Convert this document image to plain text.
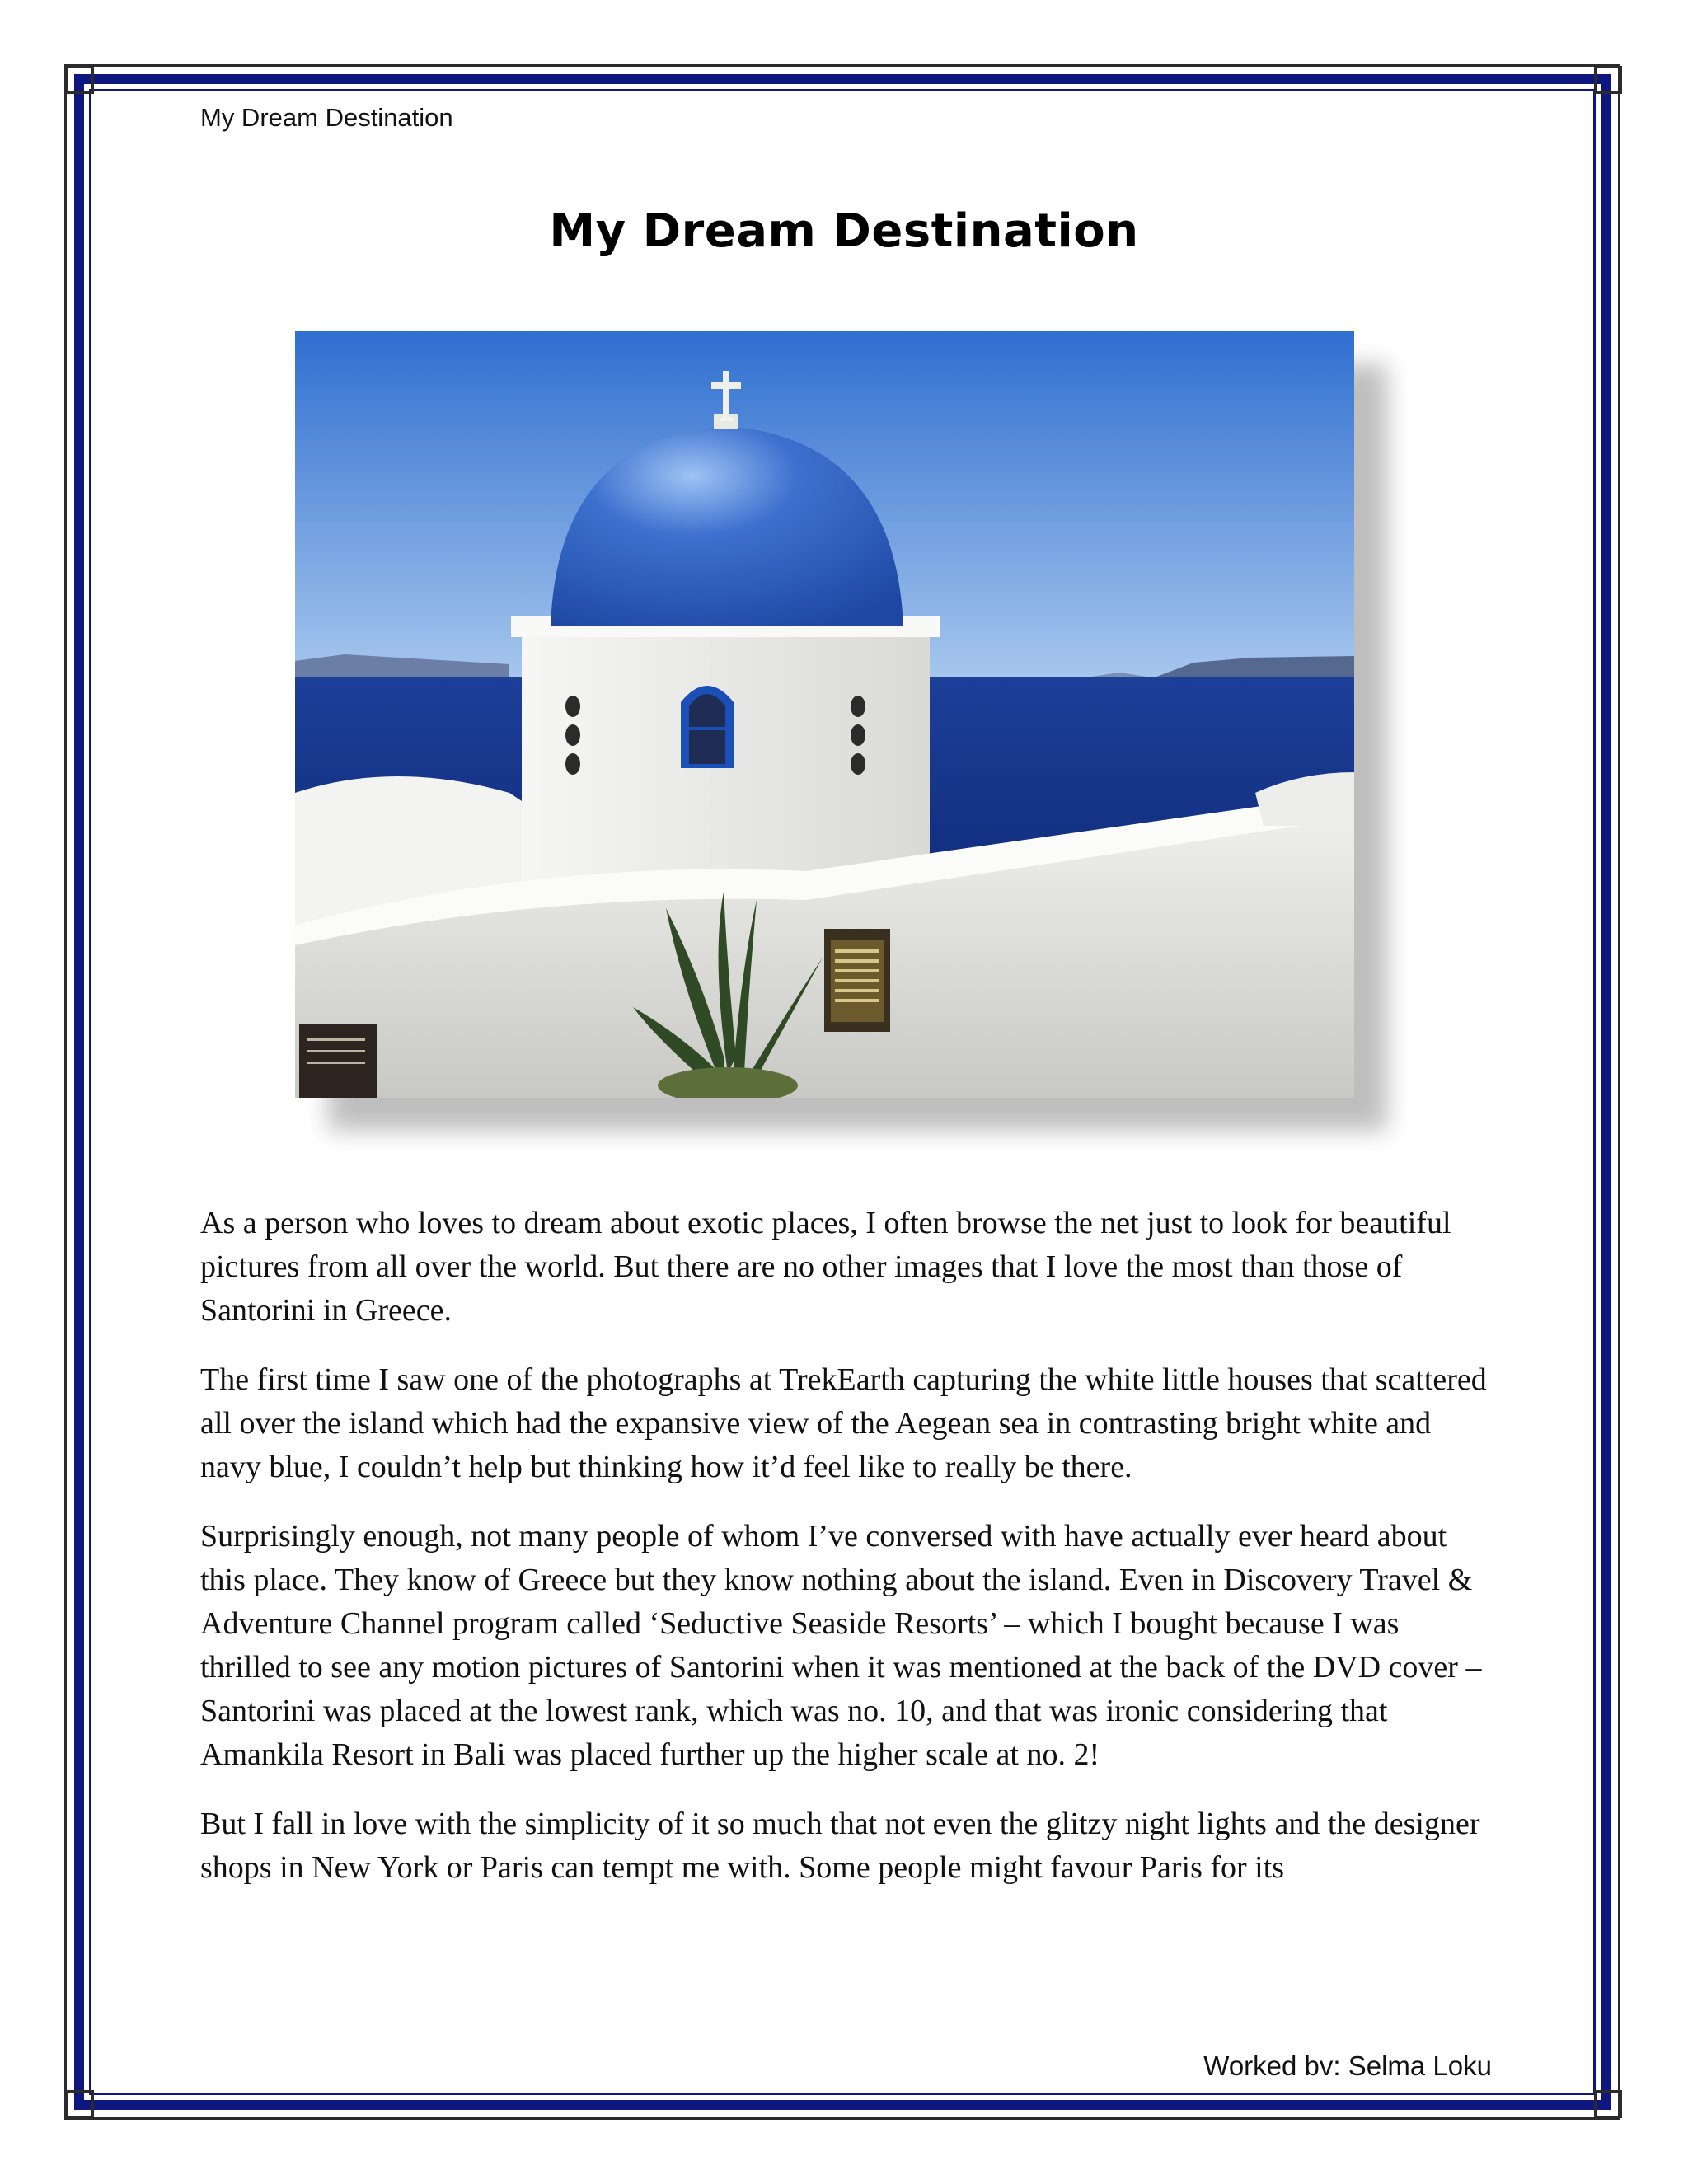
My Dream Destination
My Dream Destination

As a person who loves to dream about exotic places, I often browse the net just to look for beautiful pictures from all over the world. But there are no other images that I love the most than those of Santorini in Greece.

The first time I saw one of the photographs at TrekEarth capturing the white little houses that scattered all over the island which had the expansive view of the Aegean sea in contrasting bright white and navy blue, I couldn’t help but thinking how it’d feel like to really be there.

Surprisingly enough, not many people of whom I’ve conversed with have actually ever heard about this place. They know of Greece but they know nothing about the island. Even in Discovery Travel & Adventure Channel program called ‘Seductive Seaside Resorts’ – which I bought because I was thrilled to see any motion pictures of Santorini when it was mentioned at the back of the DVD cover – Santorini was placed at the lowest rank, which was no. 10, and that was ironic considering that Amankila Resort in Bali was placed further up the higher scale at no. 2!

But I fall in love with the simplicity of it so much that not even the glitzy night lights and the designer shops in New York or Paris can tempt me with. Some people might favour Paris for its

Worked bv: Selma Loku
